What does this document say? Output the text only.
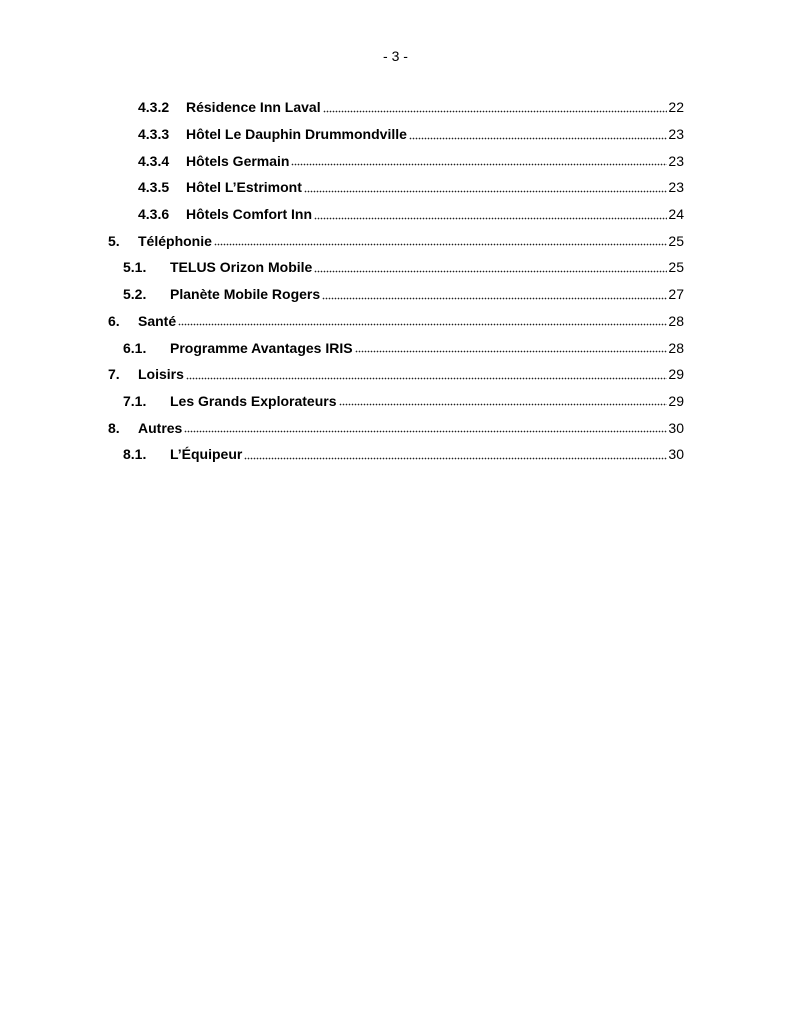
- 3 -
4.3.2	Résidence Inn Laval	22
4.3.3	Hôtel Le Dauphin Drummondville	23
4.3.4	Hôtels Germain	23
4.3.5	Hôtel L’Estrimont	23
4.3.6	Hôtels Comfort Inn	24
5.	Téléphonie	25
5.1.	TELUS Orizon Mobile	25
5.2.	Planète Mobile Rogers	27
6.	Santé	28
6.1.	Programme Avantages IRIS	28
7.	Loisirs	29
7.1.	Les Grands Explorateurs	29
8.	Autres	30
8.1.	L’Équipeur	30
